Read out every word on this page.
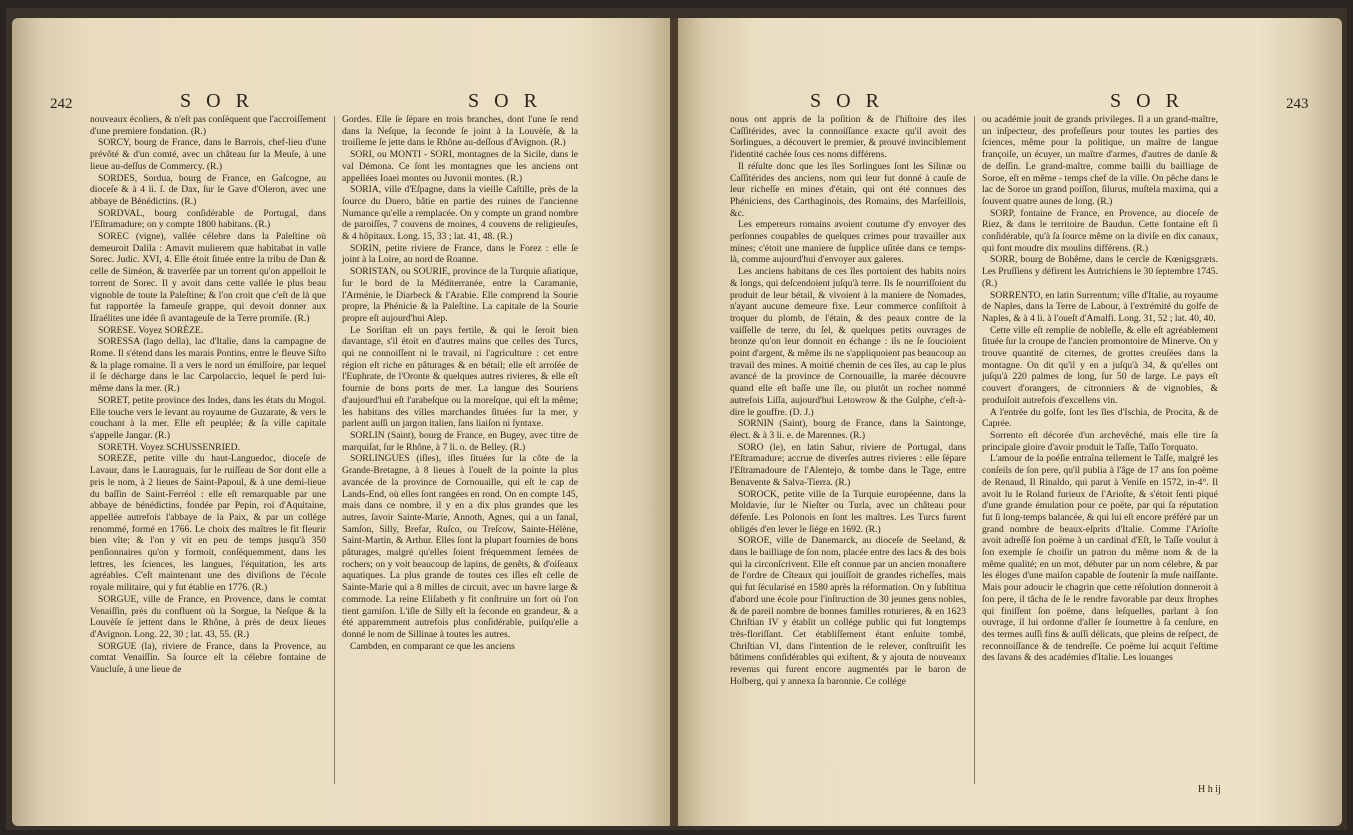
242	S O R	S O R

nouveaux écoliers, & n'eſt pas conſéquent que l'accroiſſement d'une premiere fondation. (R.)

SORCY, bourg de France, dans le Barrois, chef-lieu d'une prévôté & d'un comté, avec un château ſur la Meuſe, à une lieue au-deſſus de Commercy. (R.)

SORDES, Sordua, bourg de France, en Gaſcogne, au dioceſe & à 4 li. ſ. de Dax, ſur le Gave d'Oleron, avec une abbaye de Bénédictins. (R.)

SORDVAL, bourg conſidérable de Portugal, dans l'Eſtramadure; on y compte 1800 habitans. (R.)

SOREC (vigne), vallée célebre dans la Paleſtine où demeuroit Dalila : Amavit mulierem quæ habitabat in valle Sorec. Judic. XVI, 4. Elle étoit ſituée entre la tribu de Dan & celle de Siméon, & traverſée par un torrent qu'on appelloit le torrent de Sorec. Il y avoit dans cette vallée le plus beau vignoble de toute la Paleſtine; & l'on croit que c'eſt de là que fut rapportée la fameuſe grappe, qui devoit donner aux Iſraélites une idée ſi avantageuſe de la Terre promiſe. (R.)

SORESE. Voyez SORÈZE.

SORESSA (lago della), lac d'Italie, dans la campagne de Rome. Il s'étend dans les marais Pontins, entre le fleuve Siſto & la plage romaine. Il a vers le nord un émiſſoire, par lequel il ſe décharge dans le lac Carpolaccio, lequel ſe perd lui-même dans la mer. (R.)

SORET, petite province des Indes, dans les états du Mogol. Elle touche vers le levant au royaume de Guzarate, & vers le couchant à la mer. Elle eſt peuplée; & ſa ville capitale s'appelle Jangar. (R.)

SORETH. Voyez SCHUSSENRIED.

SOREZE, petite ville du haut-Languedoc, dioceſe de Lavaur, dans le Lauraguais, ſur le ruiſſeau de Sor dont elle a pris le nom, à 2 lieues de Saint-Papoul, & à une demi-lieue du baſſin de Saint-Ferréol : elle eſt remarquable par une abbaye de bénédictins, fondée par Pepin, roi d'Aquitaine, appellée autrefois l'abbaye de la Paix, & par un collége renommé, formé en 1766. Le choix des maîtres le fit fleurir bien vîte; & l'on y vit en peu de temps jusqu'à 350 penſionnaires qu'on y formoit, conſéquemment, dans les lettres, les ſciences, les langues, l'équitation, les arts agréables. C'eſt maintenant une des diviſions de l'école royale militaire, qui y fut établie en 1776. (R.)

SORGUE, ville de France, en Provence, dans le comtat Venaiſſin, près du confluent où la Sorgue, la Neſque & la Louvèſe ſe jettent dans le Rhône, à près de deux lieues d'Avignon. Long. 22, 30 ; lat. 43, 55. (R.)

SORGUE (la), riviere de France, dans la Provence, au comtat Venaiſſin. Sa ſource eſt la célebre fontaine de Vaucluſe, à une lieue de

Gordes. Elle ſe ſépare en trois branches, dont l'une ſe rend dans la Neſque, la ſeconde ſe joint à la Louvèſe, & la troiſieme ſe jette dans le Rhône au-deſſous d'Avignon. (R.)

SORI, ou MONTI - SORI, montagnes de la Sicile, dans le val Démona. Ce ſont les montagnes que les anciens ont appellées Ioaei montes ou Juvonii montes. (R.)

SORIA, ville d'Eſpagne, dans la vieille Caſtille, près de la ſource du Duero, bâtie en partie des ruines de l'ancienne Numance qu'elle a remplacée. On y compte un grand nombre de paroiſſes, 7 couvens de moines, 4 couvens de religieuſes, & 4 hôpitaux. Long. 15, 33 ; lat. 41, 48. (R.)

SORIN, petite riviere de France, dans le Forez : elle ſe joint à la Loire, au nord de Roanne.

SORISTAN, ou SOURIE, province de la Turquie aſiatique, ſur le bord de la Méditerranée, entre la Caramanie, l'Arménie, le Diarbeck & l'Arabie. Elle comprend la Sourie propre, la Phénicie & la Paleſtine. La capitale de la Sourie propre eſt aujourd'hui Alep.

Le Soriſtan eſt un pays fertile, & qui le ſeroit bien davantage, s'il étoit en d'autres mains que celles des Turcs, qui ne connoiſſent ni le travail, ni l'agriculture : cet entre région eſt riche en pâturages & en bétail; elle eſt arroſée de l'Euphrate, de l'Oronte & quelques autres rivieres, & elle eſt fournie de bons ports de mer. La langue des Souriens d'aujourd'hui eſt l'arabeſque ou la moreſque, qui eſt la même; les habitans des villes marchandes ſituées ſur la mer, y parlent auſſi un jargon italien, ſans liaiſon ni ſyntaxe.

SORLIN (Saint), bourg de France, en Bugey, avec titre de marquiſat, ſur le Rhône, à 7 li. o. de Belley. (R.)

SORLINGUES (iſles), iſles ſituées ſur la côte de la Grande-Bretagne, à 8 lieues à l'oueſt de la pointe la plus avancée de la province de Cornouaille, qui eſt le cap de Lands-End, où elles ſont rangées en rond. On en compte 145, mais dans ce nombre, il y en a dix plus grandes que les autres, ſavoir Sainte-Marie, Annoth, Agnes, qui a un fanal, Samſon, Silly, Brefar, Ruſco, ou Treſcow, Sainte-Hélène, Saint-Martin, & Arthur. Elles ſont la plupart fournies de bons pâturages, malgré qu'elles ſoient fréquemment ſemées de rochers; on y voit beaucoup de lapins, de genêts, & d'oiſeaux aquatiques. La plus grande de toutes ces iſles eſt celle de Sainte-Marie qui a 8 milles de circuit, avec un havre large & commode. La reine Eliſabeth y fit conſtruire un fort où l'on tient garniſon. L'iſle de Silly eſt la ſeconde en grandeur, & a été apparemment autrefois plus conſidérable, puiſqu'elle a donné le nom de Sillinae à toutes les autres.

Cambden, en comparant ce que les anciens

S O R	S O R	243

nous ont appris de la poſition & de l'hiſtoire des iles Caſſitérides, avec la connoiſſance exacte qu'il avoit des Sorlingues, a découvert le premier, & prouvé invinciblement l'identité cachée ſous ces noms différens.

Il réſulte donc que les îles Sorlingues ſont les Silinæ ou Caſſitérides des anciens, nom qui leur fut donné à cauſe de leur richeſſe en mines d'étain, qui ont été connues des Phéniciens, des Carthaginois, des Romains, des Marſeillois, &c.

Les empereurs romains avoient coutume d'y envoyer des perſonnes coupables de quelques crimes pour travailler aux mines; c'étoit une maniere de ſupplice uſitée dans ce temps-là, comme aujourd'hui d'envoyer aux galeres.

Les anciens habitans de ces îles portoient des habits noirs & longs, qui deſcendoient juſqu'à terre. Ils ſe nourriſſoient du produit de leur bétail, & vivoient à la maniere de Nomades, n'ayant aucune demeure fixe. Leur commerce conſiſtoit à troquer du plomb, de l'étain, & des peaux contre de la vaiſſelle de terre, du ſel, & quelques petits ouvrages de bronze qu'on leur donnoit en échange : ils ne ſe ſoucioient point d'argent, & même ils ne s'appliquoient pas beaucoup au travail des mines. A moitié chemin de ces îles, au cap le plus avancé de la province de Cornouaille, la marée découvre quand elle eſt baſſe une île, ou plutôt un rocher nommé autrefois Liſſa, aujourd'hui Letowrow & the Gulphe, c'eſt-à-dire le gouffre. (D. J.)

SORNIN (Saint), bourg de France, dans la Saintonge, élect. & à 3 li. e. de Marennes. (R.)

SORO (le), en latin Sabur, riviere de Portugal, dans l'Eſtramadure; accrue de diverſes autres rivieres : elle ſépare l'Eſtramadoure de l'Alentejo, & tombe dans le Tage, entre Benavente & Salva-Tierra. (R.)

SOROCK, petite ville de la Turquie européenne, dans la Moldavie, ſur le Nieſter ou Turla, avec un château pour défenſe. Les Polonois en ſont les maîtres. Les Turcs furent obligés d'en lever le ſiége en 1692. (R.)

SOROE, ville de Danemarck, au dioceſe de Seeland, & dans le bailliage de ſon nom, placée entre des lacs & des bois qui la circonſcrivent. Elle eſt connue par un ancien monaſtere de l'ordre de Cîteaux qui jouiſſoit de grandes richeſſes, mais qui fut ſécularisé en 1580 après la réformation. On y ſubſtitua d'abord une école pour l'inſtruction de 30 jeunes gens nobles, & de pareil nombre de bonnes familles roturieres, & en 1623 Chriſtian IV y établit un collége public qui fut longtemps très-floriſſant. Cet établiſſement étant enſuite tombé, Chriſtian VI, dans l'intention de le relever, conſtruiſit les bâtimens conſidérables qui exiſtent, & y ajouta de nouveaux revenus qui furent encore augmentés par le baron de Holberg, qui y annexa ſa baronnie. Ce collége

ou académie jouit de grands privileges. Il a un grand-maître, un inſpecteur, des profeſſeurs pour toutes les parties des ſciences, même pour la politique, un maître de langue françoiſe, un écuyer, un maître d'armes, d'autres de danſe & de deſſin. Le grand-maître, comme bailli du bailliage de Soroe, eſt en même - temps chef de la ville. On pêche dans le lac de Soroe un grand poiſſon, ſilurus, muſtela maxima, qui a ſouvent quatre aunes de long. (R.)

SORP, fontaine de France, en Provence, au dioceſe de Riez, & dans le territoire de Baudun. Cette fontaine eſt ſi conſidérable, qu'à ſa ſource même on la diviſe en dix canaux, qui font moudre dix moulins différens. (R.)

SORR, bourg de Bohême, dans le cercle de Kœnigsgræts. Les Pruſſiens y défirent les Autrichiens le 30 ſeptembre 1745. (R.)

SORRENTO, en latin Surrentum; ville d'Italie, au royaume de Naples, dans la Terre de Labour, à l'extrémité du golfe de Naples, & à 4 li. à l'oueſt d'Amalfi. Long. 31, 52 ; lat. 40, 40.

Cette ville eſt remplie de nobleſſe, & elle eſt agréablement ſituée ſur la croupe de l'ancien promontoire de Minerve. On y trouve quantité de citernes, de grottes creuſées dans la montagne. On dit qu'il y en a juſqu'à 34, & qu'elles ont juſqu'à 220 palmes de long, ſur 50 de large. Le pays eſt couvert d'orangers, de citronniers & de vignobles, & produiſoit autrefois d'excellens vin.

A l'entrée du golfe, ſont les îles d'Ischia, de Procita, & de Caprée.

Sorrento eſt décorée d'un archevêché, mais elle tire ſa principale gloire d'avoir produit le Taſſe, Taſſo Torquato.

L'amour de la poéſie entraîna tellement le Taſſe, malgré les conſeils de ſon pere, qu'il publia à l'âge de 17 ans ſon poëme de Renaud, Il Rinaldo, qui parut à Veniſe en 1572, in-4°. Il avoit lu le Roland furieux de l'Arioſte, & s'étoit ſenti piqué d'une grande émulation pour ce poëte, par qui ſa réputation fut ſi long-temps balancée, & qui lui eſt encore préféré par un grand nombre de beaux-eſprits d'Italie. Comme l'Arioſte avoit adreſſé ſon poëme à un cardinal d'Eſt, le Taſſe voulut à ſon exemple ſe choiſir un patron du même nom & de la même qualité; en un mot, débuter par un nom célebre, & par les éloges d'une maiſon capable de ſoutenir ſa muſe naiſſante. Mais pour adoucir le chagrin que cette réſolution donneroit à ſon pere, il tâcha de ſe le rendre favorable par deux ſtrophes qui finiſſent ſon poëme, dans leſquelles, parlant à ſon ouvrage, il lui ordonne d'aller ſe ſoumettre à ſa cenſure, en des termes auſſi fins & auſſi délicats, que pleins de reſpect, de reconnoiſſance & de tendreſſe. Ce poëme lui acquit l'eſtime des ſavans & des académies d'Italie. Les louanges

H h ij
